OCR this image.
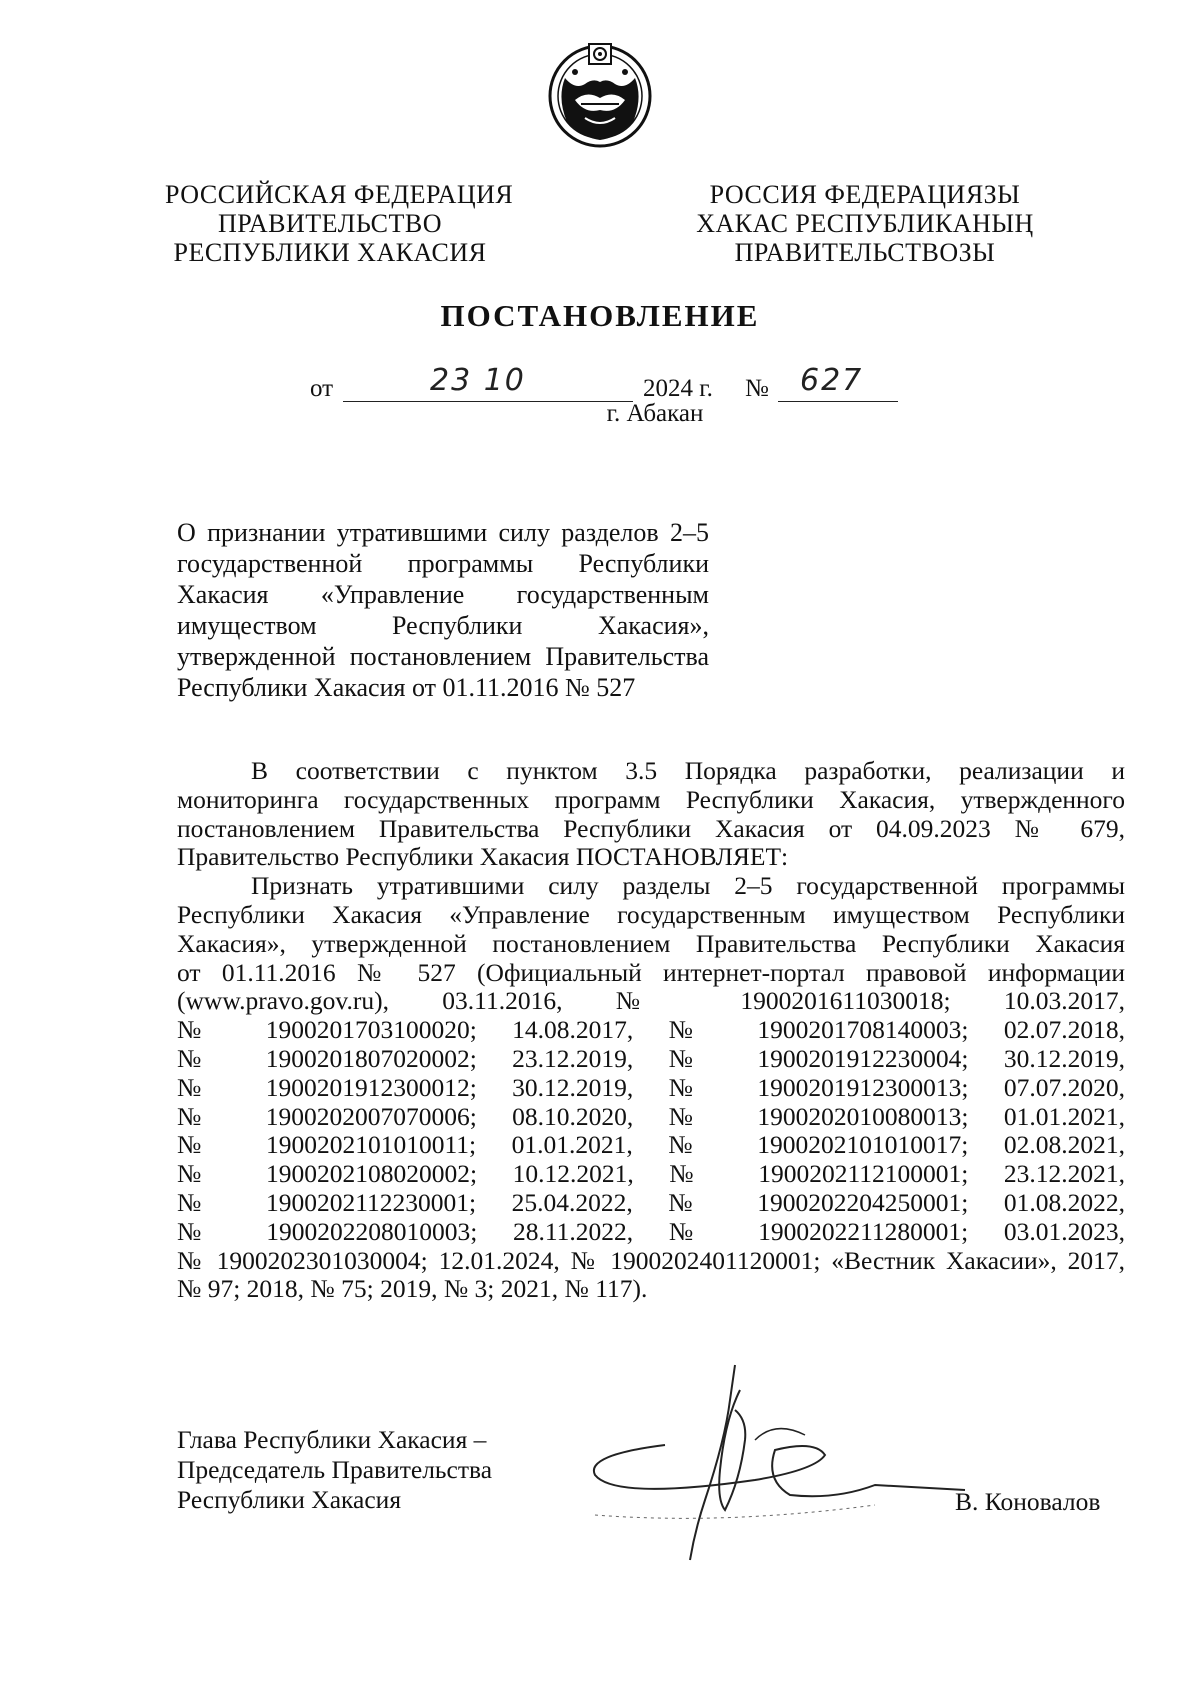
РОССИЙСКАЯ ФЕДЕРАЦИЯ
ПРАВИТЕЛЬСТВО
РЕСПУБЛИКИ ХАКАСИЯ
РОССИЯ ФЕДЕРАЦИЯЗЫ
ХАКАС РЕСПУБЛИКАНЫҢ
ПРАВИТЕЛЬСТВОЗЫ
ПОСТАНОВЛЕНИЕ
от	23 10	2024 г. № 627
г. Абакан
О признании утратившими силу разделов 2–5
государственной программы Республики
Хакасия «Управление государственным
имуществом Республики Хакасия»,
утвержденной постановлением Правительства
Республики Хакасия от 01.11.2016 № 527
В соответствии с пунктом 3.5 Порядка разработки, реализации и
мониторинга государственных программ Республики Хакасия, утвержденного
постановлением Правительства Республики Хакасия от 04.09.2023 № 679,
Правительство Республики Хакасия ПОСТАНОВЛЯЕТ:
Признать утратившими силу разделы 2–5 государственной программы
Республики Хакасия «Управление государственным имуществом Республики
Хакасия», утвержденной постановлением Правительства Республики Хакасия
от 01.11.2016 № 527 (Официальный интернет-портал правовой информации
(www.pravo.gov.ru), 03.11.2016, № 1900201611030018; 10.03.2017,
№ 1900201703100020; 14.08.2017, № 1900201708140003; 02.07.2018,
№ 1900201807020002; 23.12.2019, № 1900201912230004; 30.12.2019,
№ 1900201912300012; 30.12.2019, № 1900201912300013; 07.07.2020,
№ 1900202007070006; 08.10.2020, № 1900202010080013; 01.01.2021,
№ 1900202101010011; 01.01.2021, № 1900202101010017; 02.08.2021,
№ 1900202108020002; 10.12.2021, № 1900202112100001; 23.12.2021,
№ 1900202112230001; 25.04.2022, № 1900202204250001; 01.08.2022,
№ 1900202208010003; 28.11.2022, № 1900202211280001; 03.01.2023,
№ 1900202301030004; 12.01.2024, № 1900202401120001; «Вестник Хакасии», 2017,
№ 97; 2018, № 75; 2019, № 3; 2021, № 117).
Глава Республики Хакасия –
Председатель Правительства
Республики Хакасия	В. Коновалов
